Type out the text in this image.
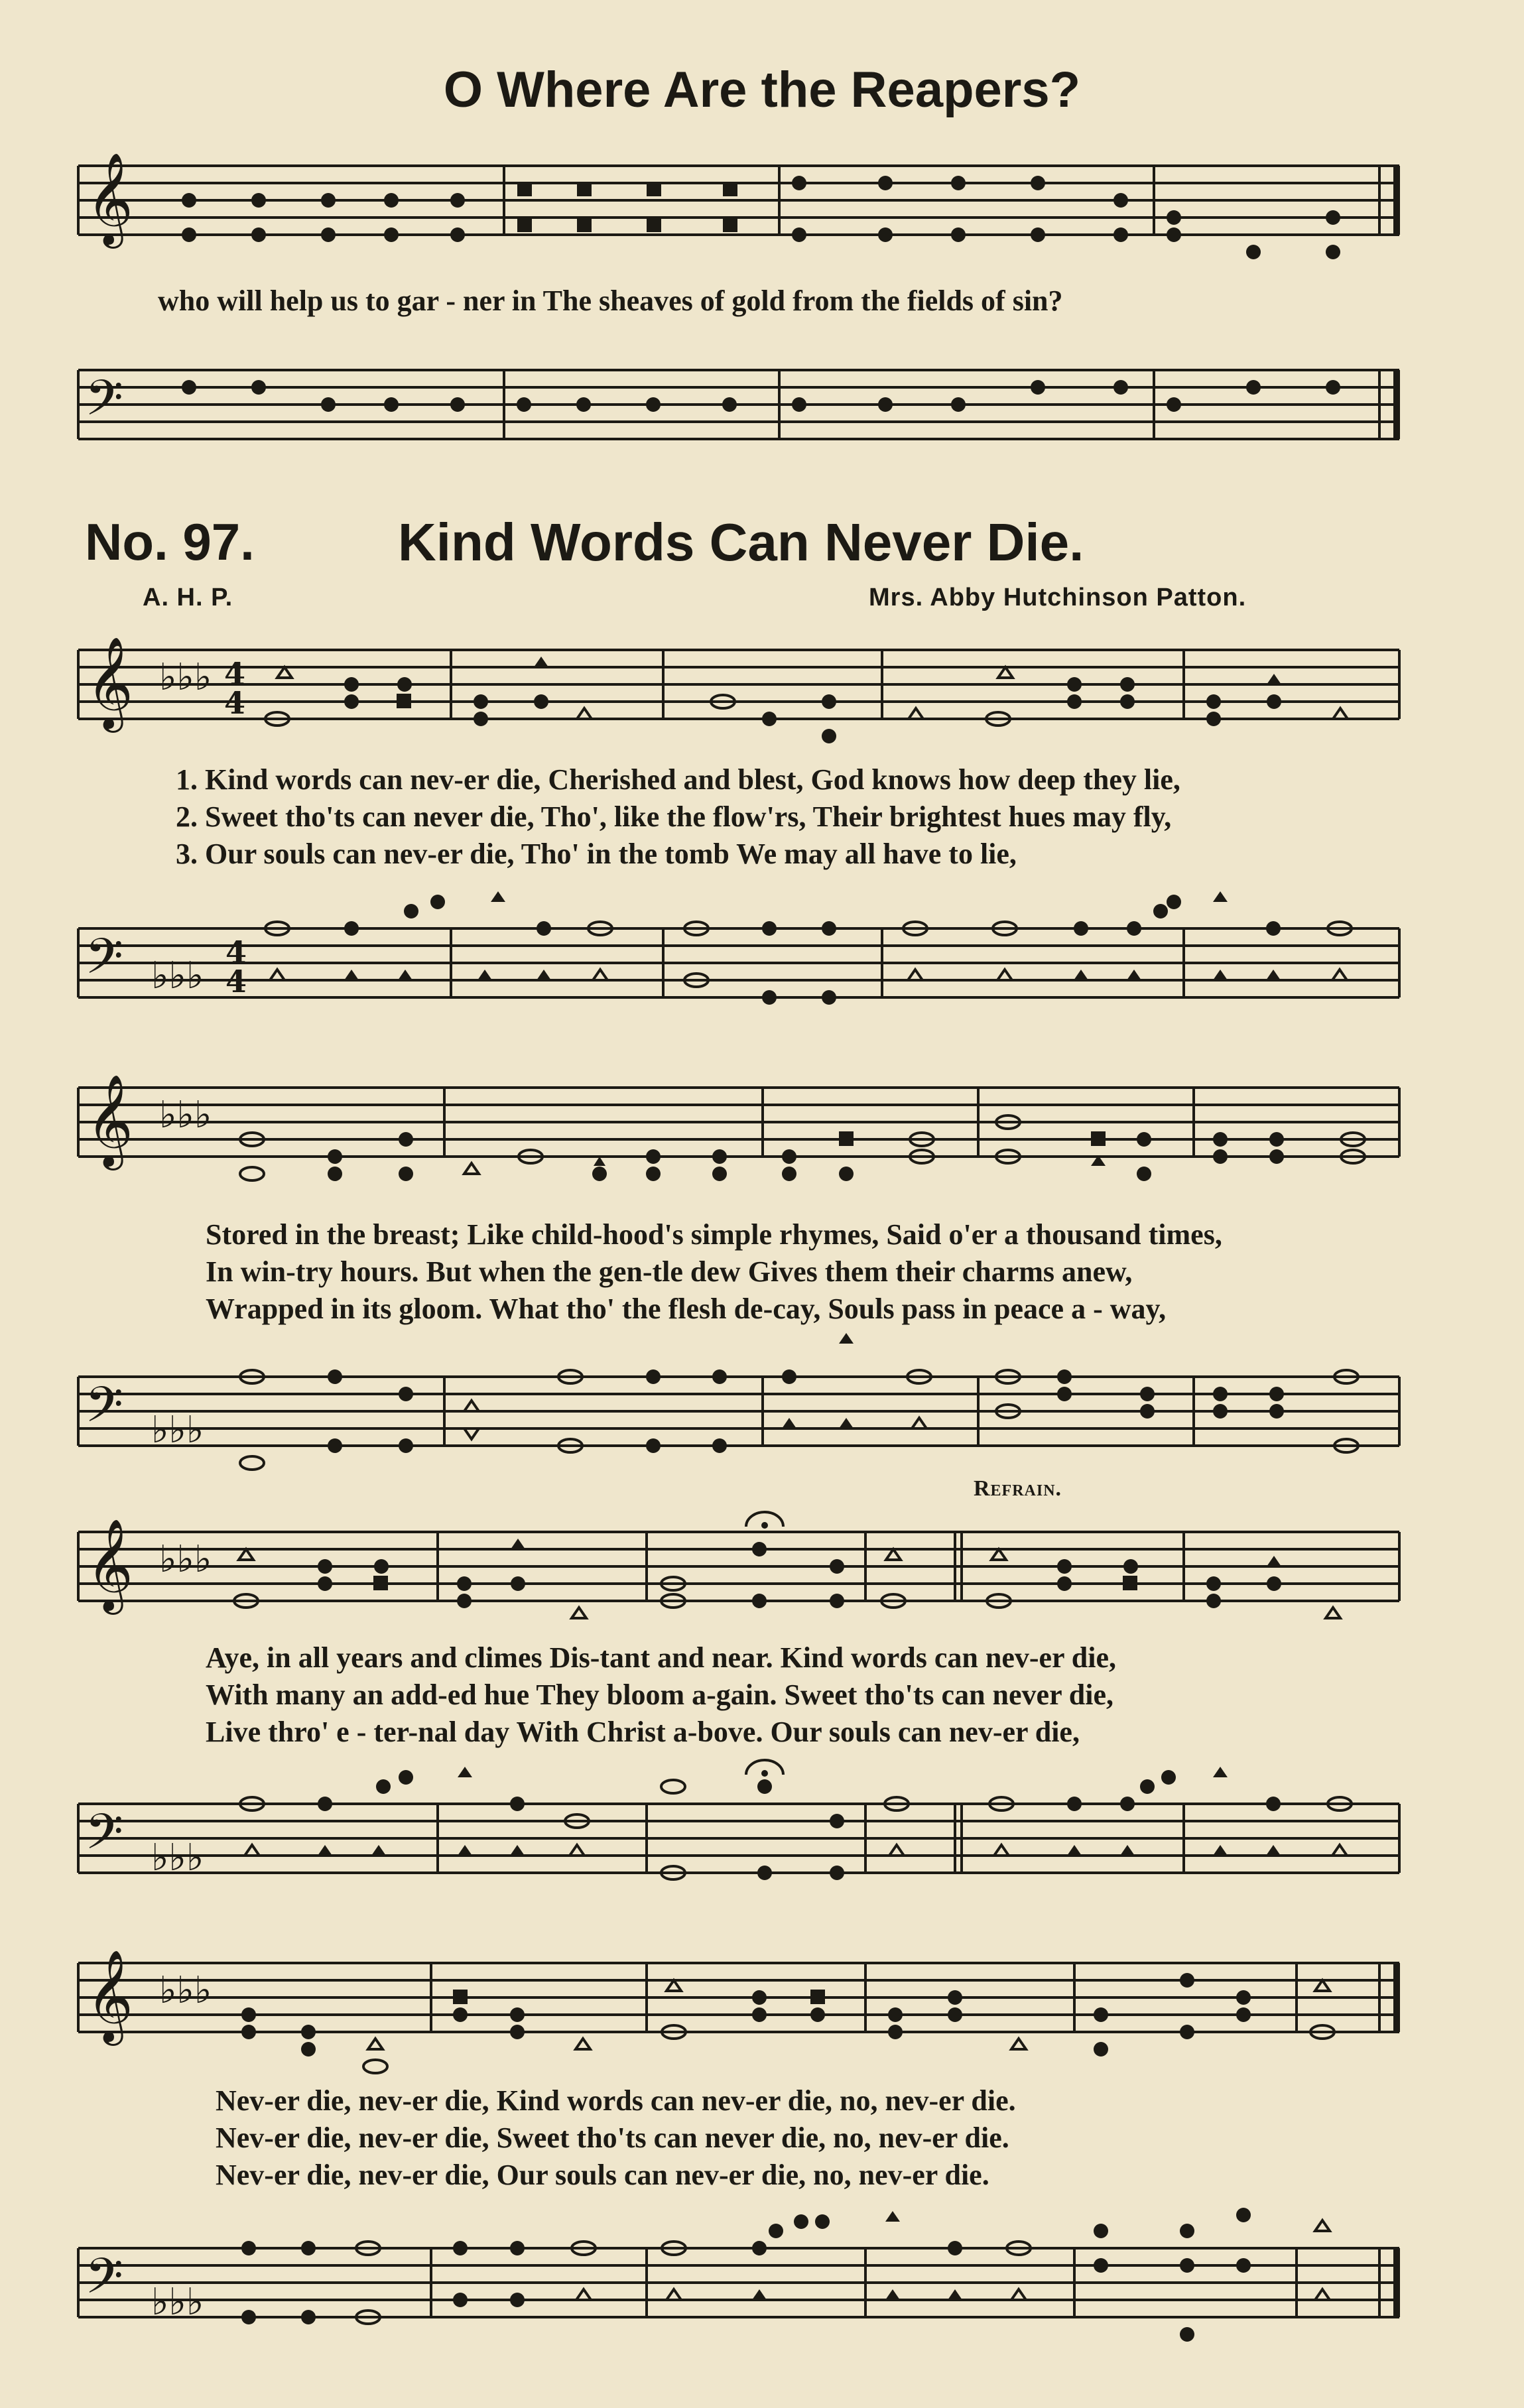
O Where Are the Reapers?
𝄞
who will help us to gar - ner in The sheaves of gold from the fields of sin?
𝄢
No. 97.	Kind Words Can Never Die.
A. H. P.	Mrs. Abby Hutchinson Patton.
𝄞 ♭♭♭ 4
4
1. Kind words can nev-er die, Cherished and blest, God knows how deep they lie,
2. Sweet tho'ts can never die, Tho', like the flow'rs, Their brightest hues may fly,
3. Our souls can nev-er die, Tho' in the tomb We may all have to lie,
𝄢 ♭♭♭
4
4
𝄞 ♭♭♭
Stored in the breast; Like child-hood's simple rhymes, Said o'er a thousand times,
In win-try hours. But when the gen-tle dew Gives them their charms anew,
Wrapped in its gloom. What tho' the flesh de-cay, Souls pass in peace a - way,
𝄢 ♭♭♭
Refrain.
𝄞 ♭♭♭
Aye, in all years and climes Dis-tant and near. Kind words can nev-er die,
With many an add-ed hue They bloom a-gain. Sweet tho'ts can never die,
Live thro' e - ter-nal day With Christ a-bove. Our souls can nev-er die,
𝄢 ♭♭♭
𝄞 ♭♭♭
Nev-er die, nev-er die, Kind words can nev-er die, no, nev-er die.
Nev-er die, nev-er die, Sweet tho'ts can never die, no, nev-er die.
Nev-er die, nev-er die, Our souls can nev-er die, no, nev-er die.
𝄢 ♭♭♭
